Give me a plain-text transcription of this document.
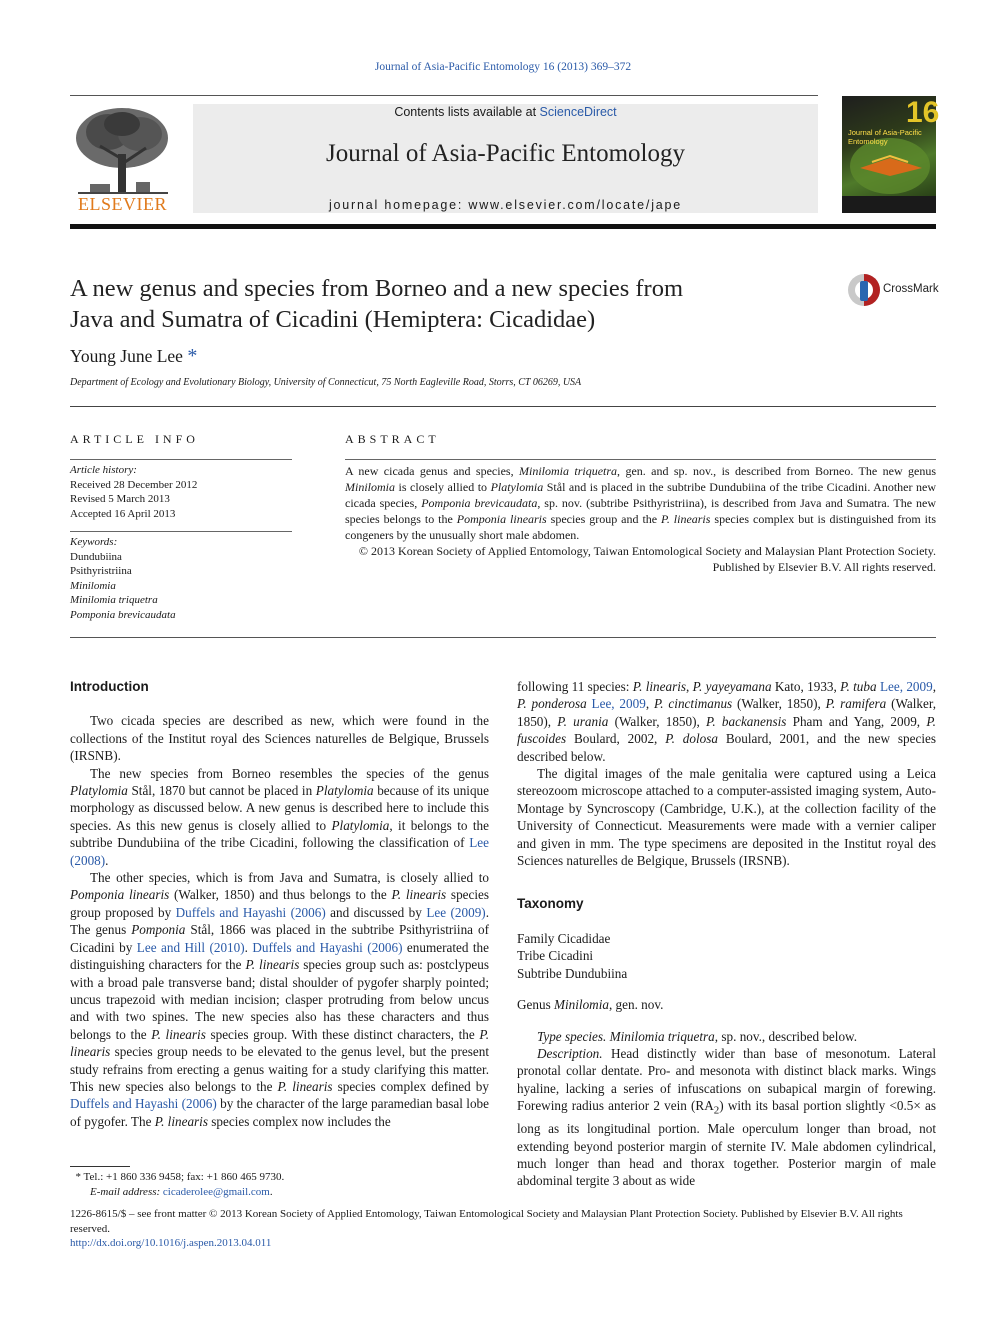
Journal of Asia-Pacific Entomology 16 (2013) 369–372
Contents lists available at ScienceDirect
Journal of Asia-Pacific Entomology
journal homepage: www.elsevier.com/locate/jape
ELSEVIER
16
Journal of Asia-Pacific Entomology
A new genus and species from Borneo and a new species from
Java and Sumatra of Cicadini (Hemiptera: Cicadidae)
CrossMark
Young June Lee *
Department of Ecology and Evolutionary Biology, University of Connecticut, 75 North Eagleville Road, Storrs, CT 06269, USA
ARTICLE INFO
Article history:
Received 28 December 2012
Revised 5 March 2013
Accepted 16 April 2013
Keywords:
Dundubiina
Psithyristriina
Minilomia
Minilomia triquetra
Pomponia brevicaudata
ABSTRACT
A new cicada genus and species, Minilomia triquetra, gen. and sp. nov., is described from Borneo. The new genus Minilomia is closely allied to Platylomia Stål and is placed in the subtribe Dundubiina of the tribe Cicadini. Another new cicada species, Pomponia brevicaudata, sp. nov. (subtribe Psithyristriina), is described from Java and Sumatra. The new species belongs to the Pomponia linearis species group and the P. linearis species complex but is distinguished from its congeners by the unusually short male abdomen.
© 2013 Korean Society of Applied Entomology, Taiwan Entomological Society and Malaysian Plant Protection Society. Published by Elsevier B.V. All rights reserved.
Introduction

Two cicada species are described as new, which were found in the collections of the Institut royal des Sciences naturelles de Belgique, Brussels (IRSNB).

The new species from Borneo resembles the species of the genus Platylomia Stål, 1870 but cannot be placed in Platylomia because of its unique morphology as discussed below. A new genus is described here to include this species. As this new genus is closely allied to Platylomia, it belongs to the subtribe Dundubiina of the tribe Cicadini, following the classification of Lee (2008).

The other species, which is from Java and Sumatra, is closely allied to Pomponia linearis (Walker, 1850) and thus belongs to the P. linearis species group proposed by Duffels and Hayashi (2006) and discussed by Lee (2009). The genus Pomponia Stål, 1866 was placed in the subtribe Psithyristriina of Cicadini by Lee and Hill (2010). Duffels and Hayashi (2006) enumerated the distinguishing characters for the P. linearis species group such as: postclypeus with a broad pale transverse band; distal shoulder of pygofer sharply pointed; uncus trapezoid with median incision; clasper protruding from below uncus and with two spines. The new species also has these characters and thus belongs to the P. linearis species group. With these distinct characters, the P. linearis species group needs to be elevated to the genus level, but the present study refrains from erecting a genus waiting for a study clarifying this matter. This new species also belongs to the P. linearis species complex defined by Duffels and Hayashi (2006) by the character of the large paramedian basal lobe of pygofer. The P. linearis species complex now includes the

following 11 species: P. linearis, P. yayeyamana Kato, 1933, P. tuba Lee, 2009, P. ponderosa Lee, 2009, P. cinctimanus (Walker, 1850), P. ramifera (Walker, 1850), P. urania (Walker, 1850), P. backanensis Pham and Yang, 2009, P. fuscoides Boulard, 2002, P. dolosa Boulard, 2001, and the new species described below.

The digital images of the male genitalia were captured using a Leica stereozoom microscope attached to a computer-assisted imaging system, Auto-Montage by Syncroscopy (Cambridge, U.K.), at the collection facility of the University of Connecticut. Measurements were made with a vernier caliper and given in mm. The type specimens are deposited in the Institut royal des Sciences naturelles de Belgique, Brussels (IRSNB).

Taxonomy
Family Cicadidae
Tribe Cicadini
Subtribe Dundubiina
Genus Minilomia, gen. nov.

Type species. Minilomia triquetra, sp. nov., described below.

Description. Head distinctly wider than base of mesonotum. Lateral pronotal collar dentate. Pro- and mesonota with distinct black marks. Wings hyaline, lacking a series of infuscations on subapical margin of forewing. Forewing radius anterior 2 vein $(RA_2)$ with its basal portion slightly <0.5× as long as its longitudinal portion. Male operculum longer than broad, not extending beyond posterior margin of sternite IV. Male abdomen cylindrical, much longer than head and thorax together. Posterior margin of male abdominal tergite 3 about as wide

* Tel.: +1 860 336 9458; fax: +1 860 465 9730.
E-mail address: cicaderolee@gmail.com.
1226-8615/$ – see front matter © 2013 Korean Society of Applied Entomology, Taiwan Entomological Society and Malaysian Plant Protection Society. Published by Elsevier B.V. All rights reserved.
http://dx.doi.org/10.1016/j.aspen.2013.04.011
